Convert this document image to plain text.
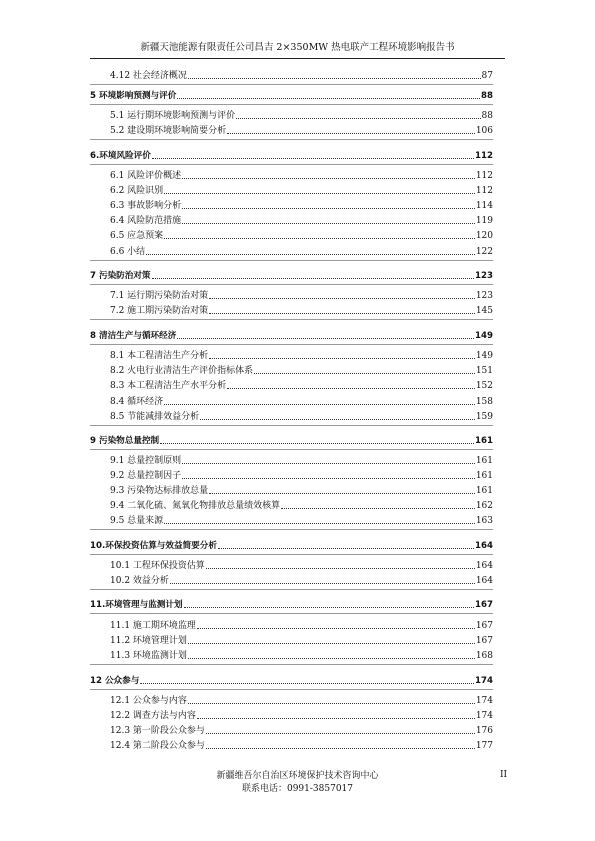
新疆天池能源有限责任公司昌吉 2×350MW 热电联产工程环境影响报告书
4.12 社会经济概况	87
5 环境影响预测与评价	88
5.1 运行期环境影响预测与评价	88
5.2 建设期环境影响简要分析	106
6.环境风险评价	112
6.1 风险评价概述	112
6.2 风险识别	112
6.3 事故影响分析	114
6.4 风险防范措施	119
6.5 应急预案	120
6.6 小结	122
7 污染防治对策	123
7.1 运行期污染防治对策	123
7.2 施工期污染防治对策	145
8 清洁生产与循环经济	149
8.1 本工程清洁生产分析	149
8.2 火电行业清洁生产评价指标体系	151
8.3 本工程清洁生产水平分析	152
8.4 循环经济	158
8.5 节能减排效益分析	159
9 污染物总量控制	161
9.1 总量控制原则	161
9.2 总量控制因子	161
9.3 污染物达标排放总量	161
9.4 二氧化硫、氮氧化物排放总量绩效核算	162
9.5 总量来源	163
10.环保投资估算与效益简要分析	164
10.1 工程环保投资估算	164
10.2 效益分析	164
11.环境管理与监测计划	167
11.1 施工期环境监理	167
11.2 环境管理计划	167
11.3 环境监测计划	168
12 公众参与	174
12.1 公众参与内容	174
12.2 调查方法与内容	174
12.3 第一阶段公众参与	176
12.4 第二阶段公众参与	177
新疆维吾尔自治区环境保护技术咨询中心
联系电话：0991-3857017
II
